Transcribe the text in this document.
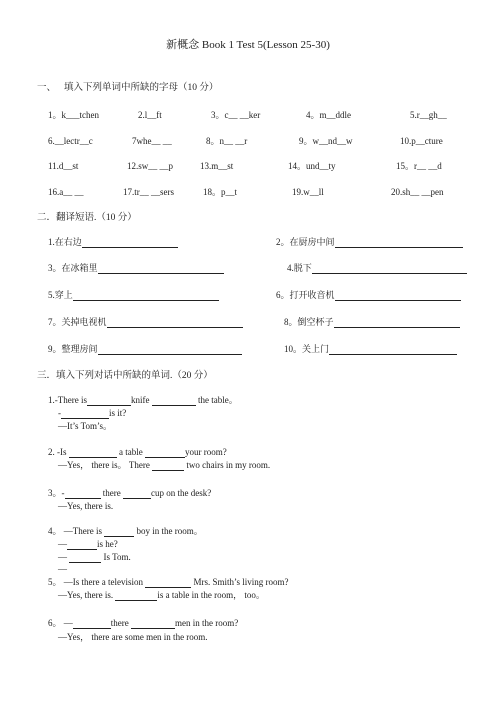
新概念 Book 1 Test 5(Lesson 25-30)
一、 填入下列单词中所缺的字母（10 分）
1。k___tchen	2.l__ft	3。c__ __ker	4。m__ddle	5.r__gh__
6.__lectr__c	7whe__ __	8。n__ __r	9。w__nd__w	10.p__cture
11.d__st	12.sw__ __p	13.m__st	14。und__ty	15。r__ __d
16.a__ __	17.tr__ __sers	18。p__t	19.w__ll	20.sh__ __pen
二．翻译短语.（10 分）
1.在右边	2。在厨房中间
3。在冰箱里	4.脱下
5.穿上	6。打开收音机
7。关掉电视机	8。倒空杯子
9。整理房间	10。关上门
三．填入下列对话中所缺的单词.（20 分）
1.-There is	knife	the table。
-	is it?
—It’s Tom’s。
2. -Is	a table	your room?
—Yes， there is。 There	two chairs in my room.
3。-	there	cup on the desk?
—Yes, there is.
4。 —There is	boy in the room。
—	is he?
—	Is Tom.
—
5。 —Is there a television	Mrs. Smith’s living room?
—Yes, there is.	is a table in the room， too。
6。 —	there	men in the room?
—Yes， there are some men in the room.
